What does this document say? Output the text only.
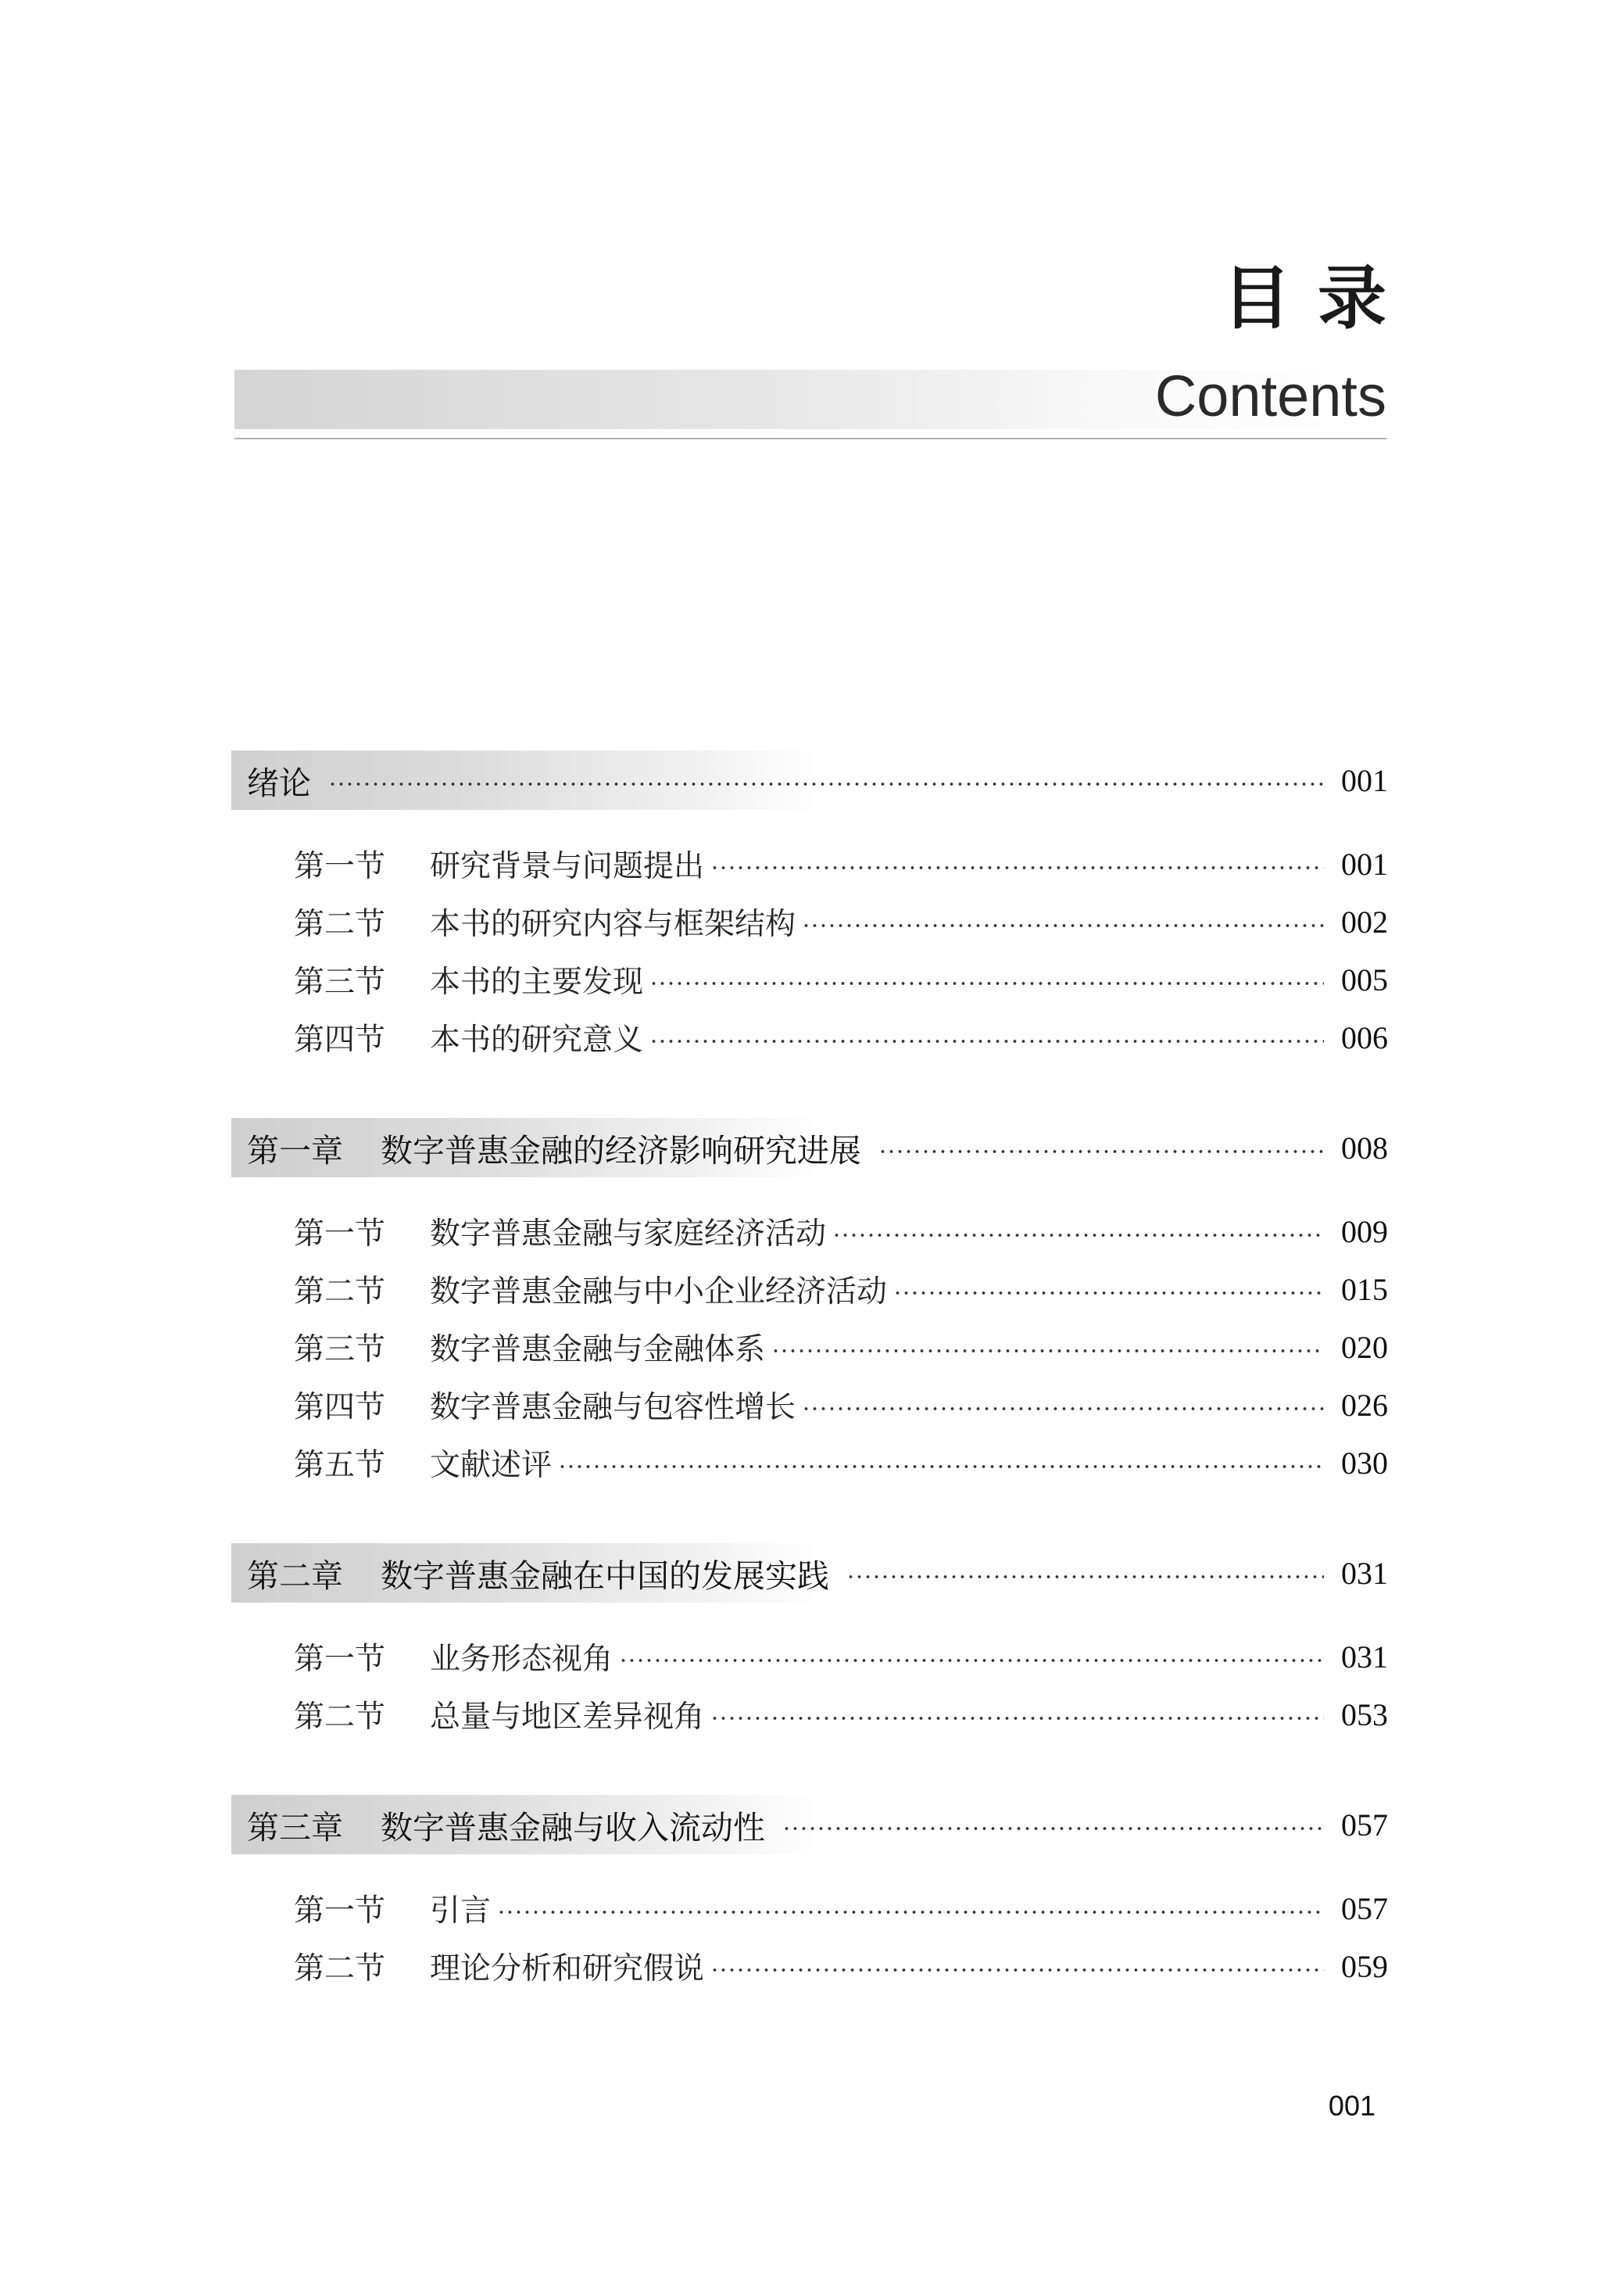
目录
Contents
绪论	001
第一节 研究背景与问题提出	001
第二节 本书的研究内容与框架结构	002
第三节 本书的主要发现	005
第四节 本书的研究意义	006
第一章 数字普惠金融的经济影响研究进展	008
第一节 数字普惠金融与家庭经济活动	009
第二节 数字普惠金融与中小企业经济活动	015
第三节 数字普惠金融与金融体系	020
第四节 数字普惠金融与包容性增长	026
第五节 文献述评	030
第二章 数字普惠金融在中国的发展实践	031
第一节 业务形态视角	031
第二节 总量与地区差异视角	053
第三章 数字普惠金融与收入流动性	057
第一节 引言	057
第二节 理论分析和研究假说	059
001
